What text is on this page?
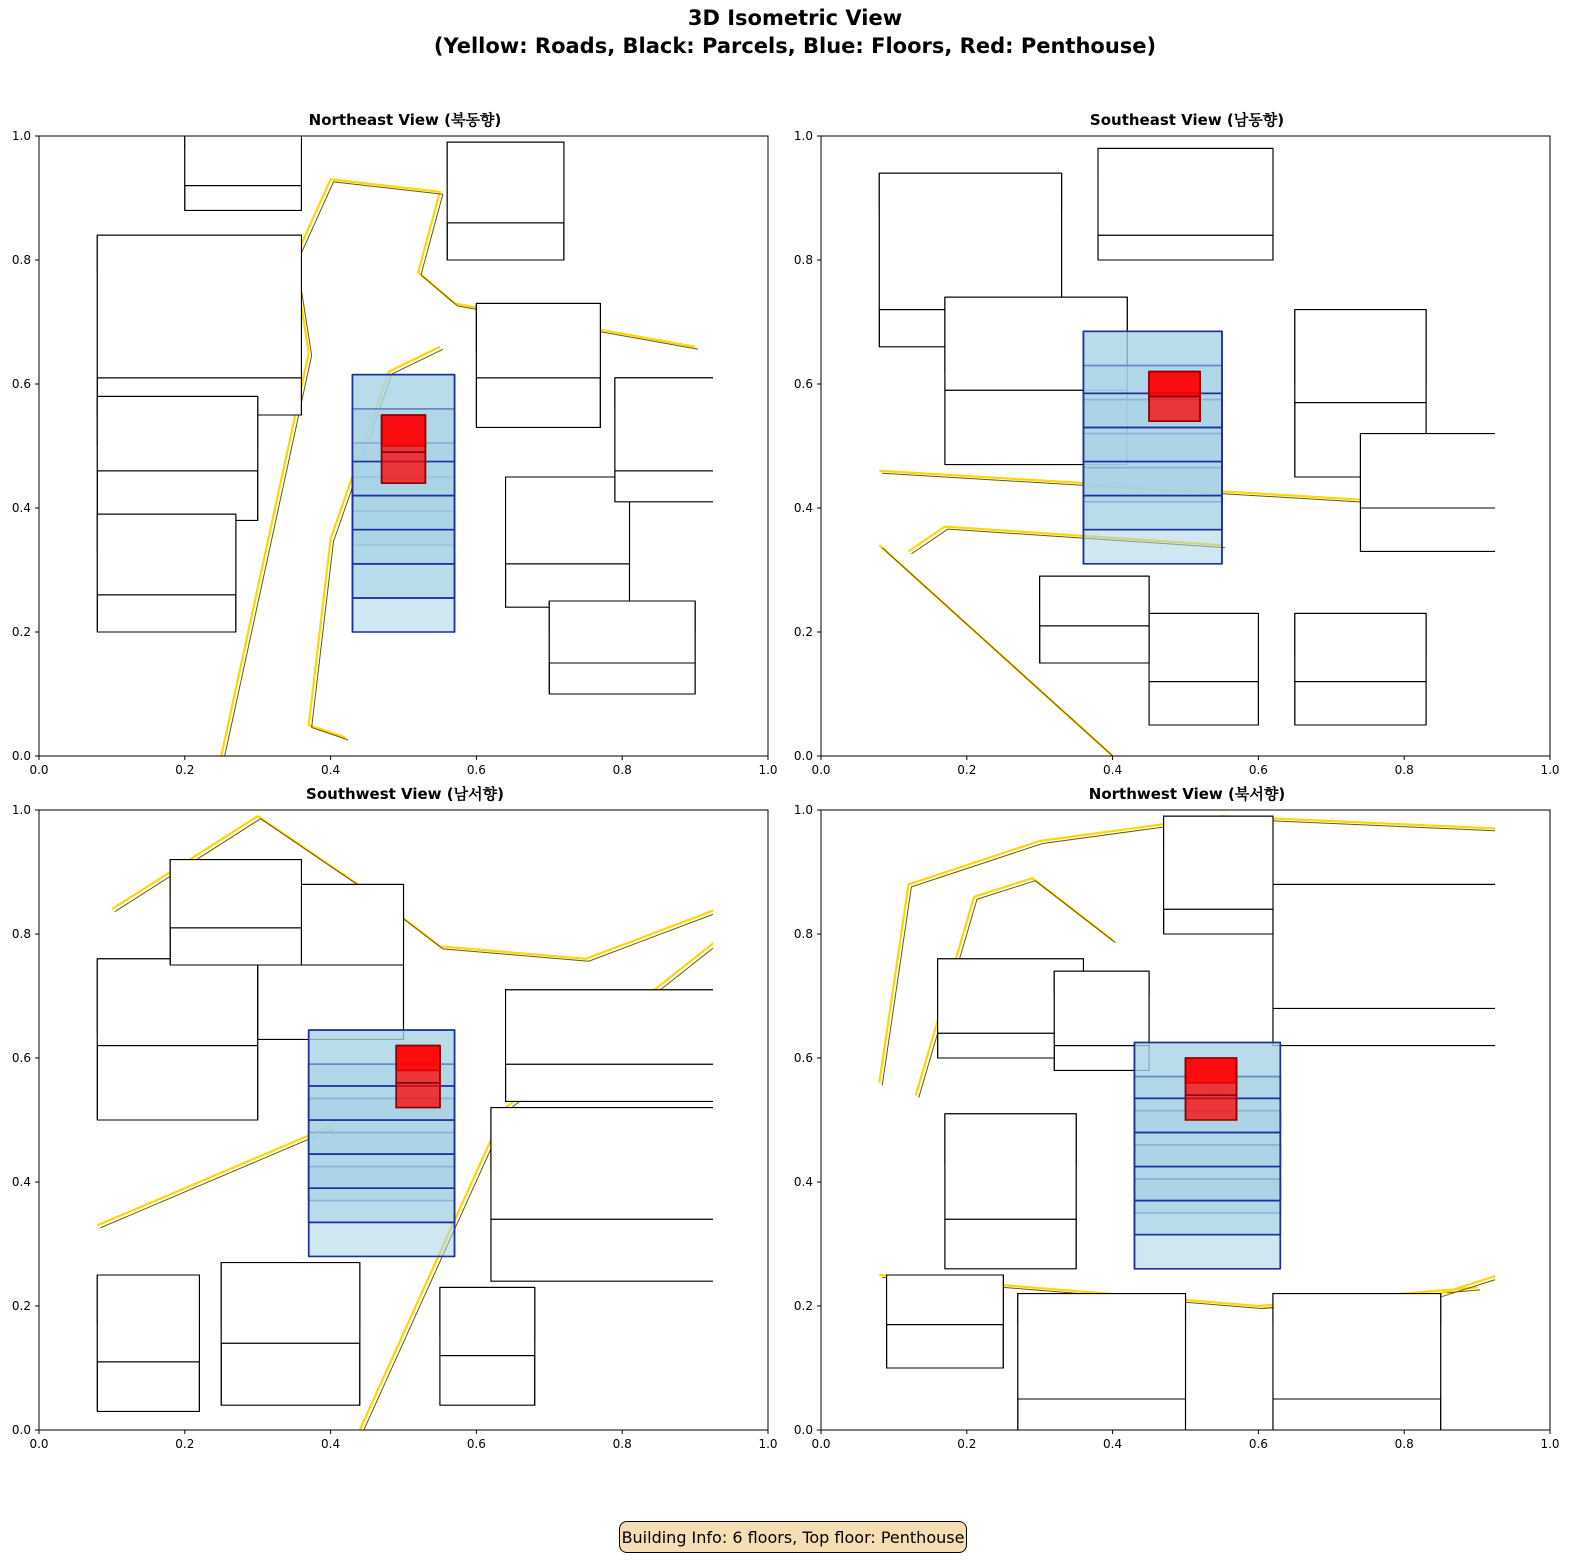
3D Isometric View
(Yellow: Roads, Black: Parcels, Blue: Floors, Red: Penthouse)
Northeast View (북동향)
0.0	0.2	0.4	0.6	0.8	1.0
0.0
0.2
0.4
0.6
0.8
1.0
Southeast View (남동향)
0.0	0.2	0.4	0.6	0.8	1.0
0.0
0.2
0.4
0.6
0.8
1.0
Southwest View (남서향)
0.0	0.2	0.4	0.6	0.8	1.0
0.0
0.2
0.4
0.6
0.8
1.0
Northwest View (북서향)
0.0	0.2	0.4	0.6	0.8	1.0
0.0
0.2
0.4
0.6
0.8
1.0
Building Info: 6 floors, Top floor: Penthouse
